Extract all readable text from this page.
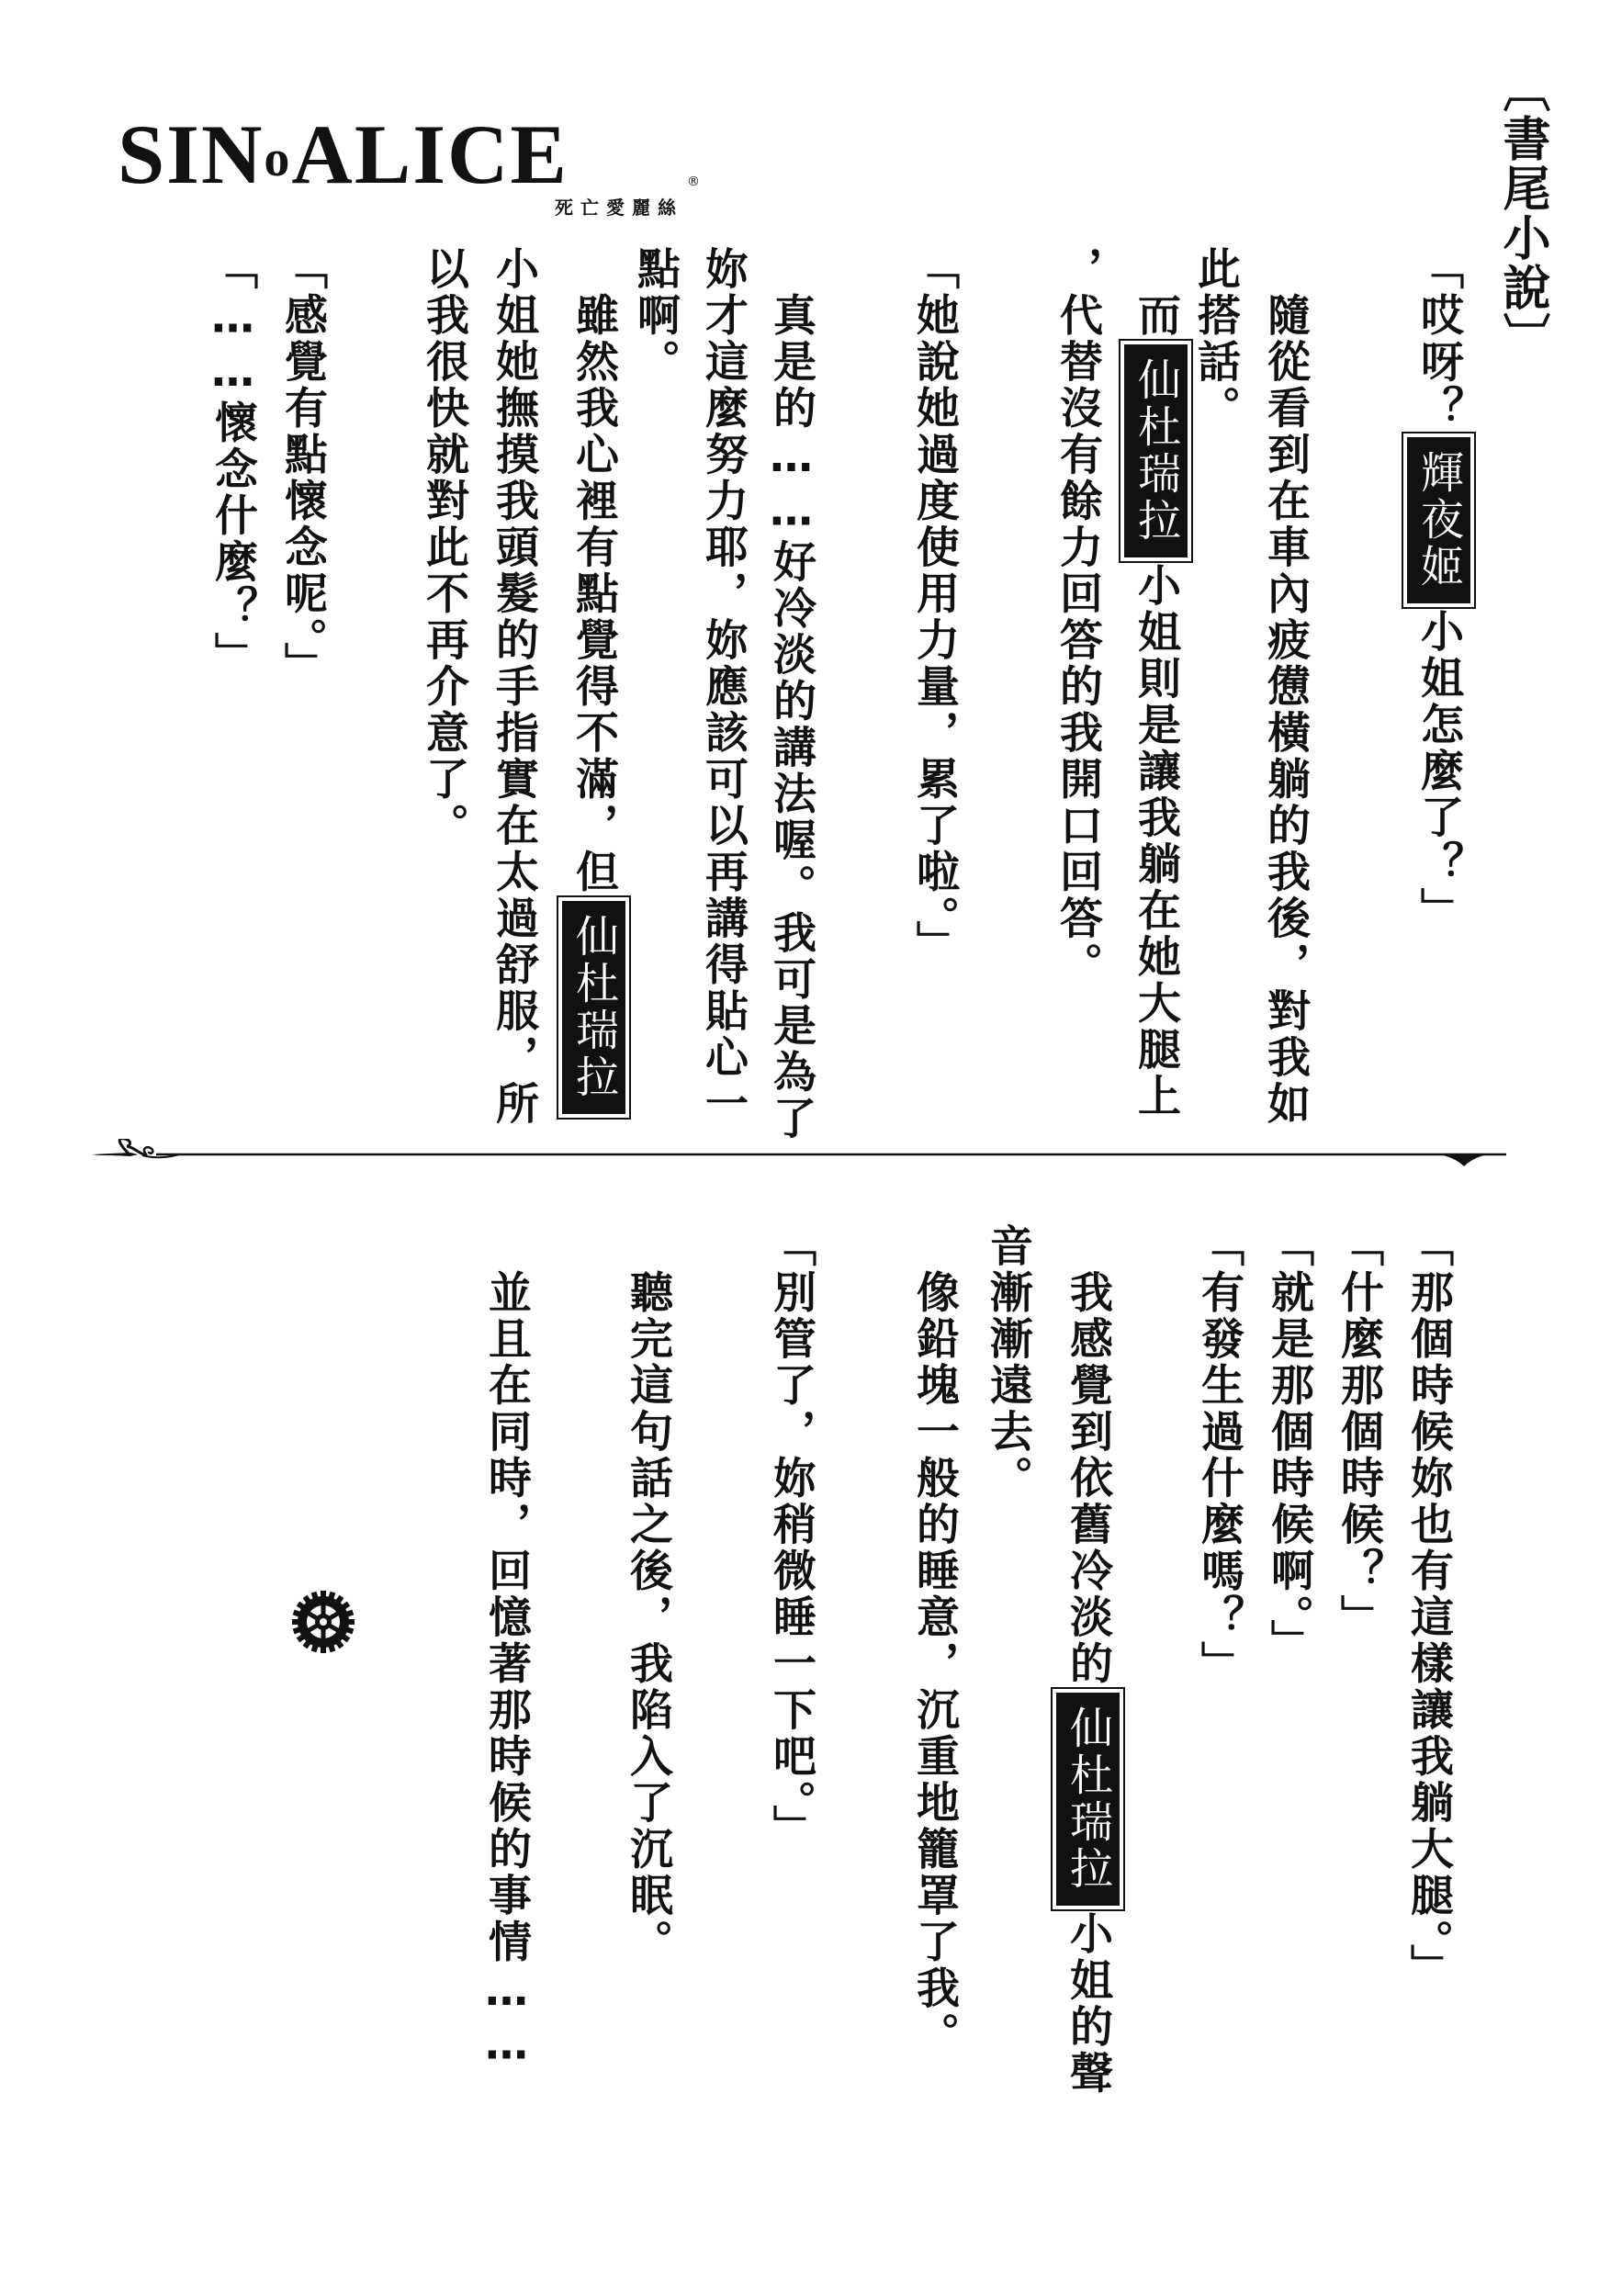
SINoALICE
死亡愛麗絲
®	〔書尾小說〕
「哎呀？輝夜姬小姐怎麼了？」
　隨從看到在車內疲憊橫躺的我後，對我如
此搭話。
　而仙杜瑞拉小姐則是讓我躺在她大腿上
，代替沒有餘力回答的我開口回答。
「她說她過度使用力量，累了啦。」
　真是的……好冷淡的講法喔。我可是為了
妳才這麼努力耶，妳應該可以再講得貼心一
點啊。
　雖然我心裡有點覺得不滿，但仙杜瑞拉
小姐她撫摸我頭髮的手指實在太過舒服，所
以我很快就對此不再介意了。
「感覺有點懷念呢。」
「……懷念什麼？」
「那個時候妳也有這樣讓我躺大腿。」
「什麼那個時候？」
「就是那個時候啊。」
「有發生過什麼嗎？」
　我感覺到依舊冷淡的仙杜瑞拉小姐的聲
音漸漸遠去。
　像鉛塊一般的睡意，沉重地籠罩了我。
「別管了，妳稍微睡一下吧。」
　聽完這句話之後，我陷入了沉眠。
　並且在同時，回憶著那時候的事情……
